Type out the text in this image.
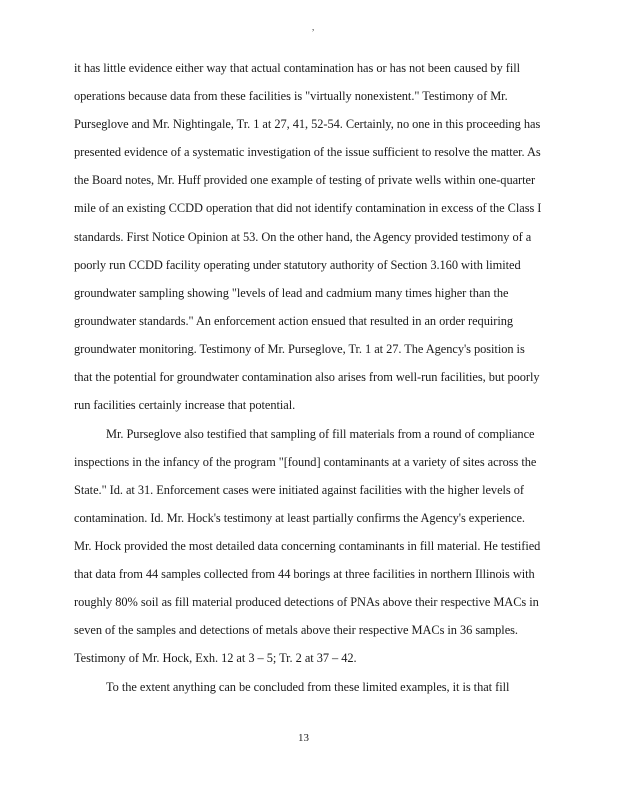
,
it has little evidence either way that actual contamination has or has not been caused by fill
operations because data from these facilities is "virtually nonexistent." Testimony of Mr.
Purseglove and Mr. Nightingale, Tr. 1 at 27, 41, 52-54. Certainly, no one in this proceeding has
presented evidence of a systematic investigation of the issue sufficient to resolve the matter. As
the Board notes, Mr. Huff provided one example of testing of private wells within one-quarter
mile of an existing CCDD operation that did not identify contamination in excess of the Class I
standards. First Notice Opinion at 53. On the other hand, the Agency provided testimony of a
poorly run CCDD facility operating under statutory authority of Section 3.160 with limited
groundwater sampling showing "levels of lead and cadmium many times higher than the
groundwater standards." An enforcement action ensued that resulted in an order requiring
groundwater monitoring. Testimony of Mr. Purseglove, Tr. 1 at 27. The Agency's position is
that the potential for groundwater contamination also arises from well-run facilities, but poorly
run facilities certainly increase that potential.
Mr. Purseglove also testified that sampling of fill materials from a round of compliance
inspections in the infancy of the program "[found] contaminants at a variety of sites across the
State." Id. at 31. Enforcement cases were initiated against facilities with the higher levels of
contamination. Id. Mr. Hock's testimony at least partially confirms the Agency's experience.
Mr. Hock provided the most detailed data concerning contaminants in fill material. He testified
that data from 44 samples collected from 44 borings at three facilities in northern Illinois with
roughly 80% soil as fill material produced detections of PNAs above their respective MACs in
seven of the samples and detections of metals above their respective MACs in 36 samples.
Testimony of Mr. Hock, Exh. 12 at 3 – 5; Tr. 2 at 37 – 42.
To the extent anything can be concluded from these limited examples, it is that fill
13
